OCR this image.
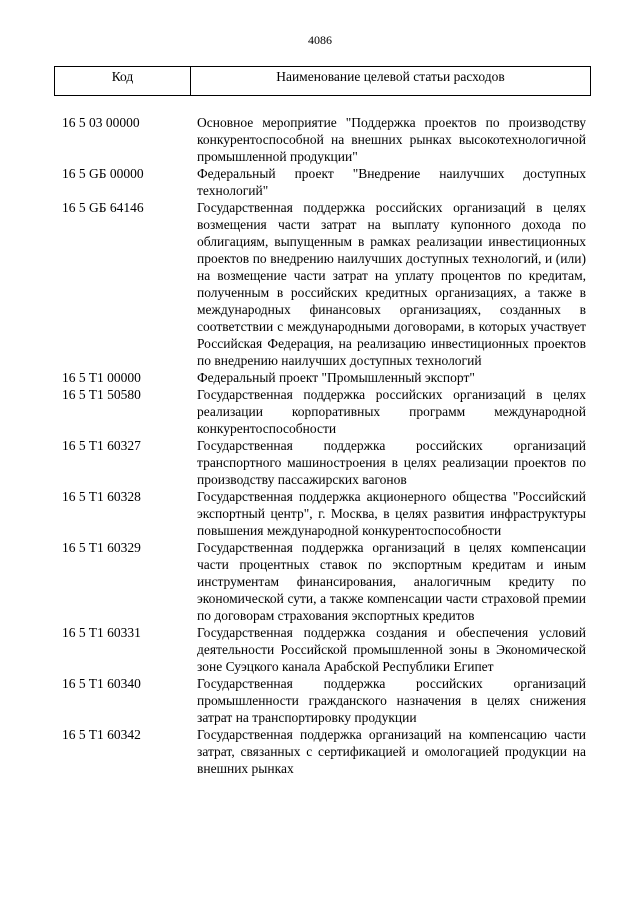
4086
Код	Наименование целевой статьи расходов
16 5 03 00000	Основное мероприятие "Поддержка проектов по производству конкурентоспособной на внешних рынках высокотехнологичной промышленной продукции"
16 5 GБ 00000	Федеральный проект "Внедрение наилучших доступных технологий"
16 5 GБ 64146	Государственная поддержка российских организаций в целях возмещения части затрат на выплату купонного дохода по облигациям, выпущенным в рамках реализации инвестиционных проектов по внедрению наилучших доступных технологий, и (или) на возмещение части затрат на уплату процентов по кредитам, полученным в российских кредитных организациях, а также в международных финансовых организациях, созданных в соответствии с международными договорами, в которых участвует Российская Федерация, на реализацию инвестиционных проектов по внедрению наилучших доступных технологий
16 5 T1 00000	Федеральный проект "Промышленный экспорт"
16 5 T1 50580	Государственная поддержка российских организаций в целях реализации корпоративных программ международной конкурентоспособности
16 5 T1 60327	Государственная поддержка российских организаций транспортного машиностроения в целях реализации проектов по производству пассажирских вагонов
16 5 T1 60328	Государственная поддержка акционерного общества "Российский экспортный центр", г. Москва, в целях развития инфраструктуры повышения международной конкурентоспособности
16 5 T1 60329	Государственная поддержка организаций в целях компенсации части процентных ставок по экспортным кредитам и иным инструментам финансирования, аналогичным кредиту по экономической сути, а также компенсации части страховой премии по договорам страхования экспортных кредитов
16 5 T1 60331	Государственная поддержка создания и обеспечения условий деятельности Российской промышленной зоны в Экономической зоне Суэцкого канала Арабской Республики Египет
16 5 T1 60340	Государственная поддержка российских организаций промышленности гражданского назначения в целях снижения затрат на транспортировку продукции
16 5 T1 60342	Государственная поддержка организаций на компенсацию части затрат, связанных с сертификацией и омологацией продукции на внешних рынках
